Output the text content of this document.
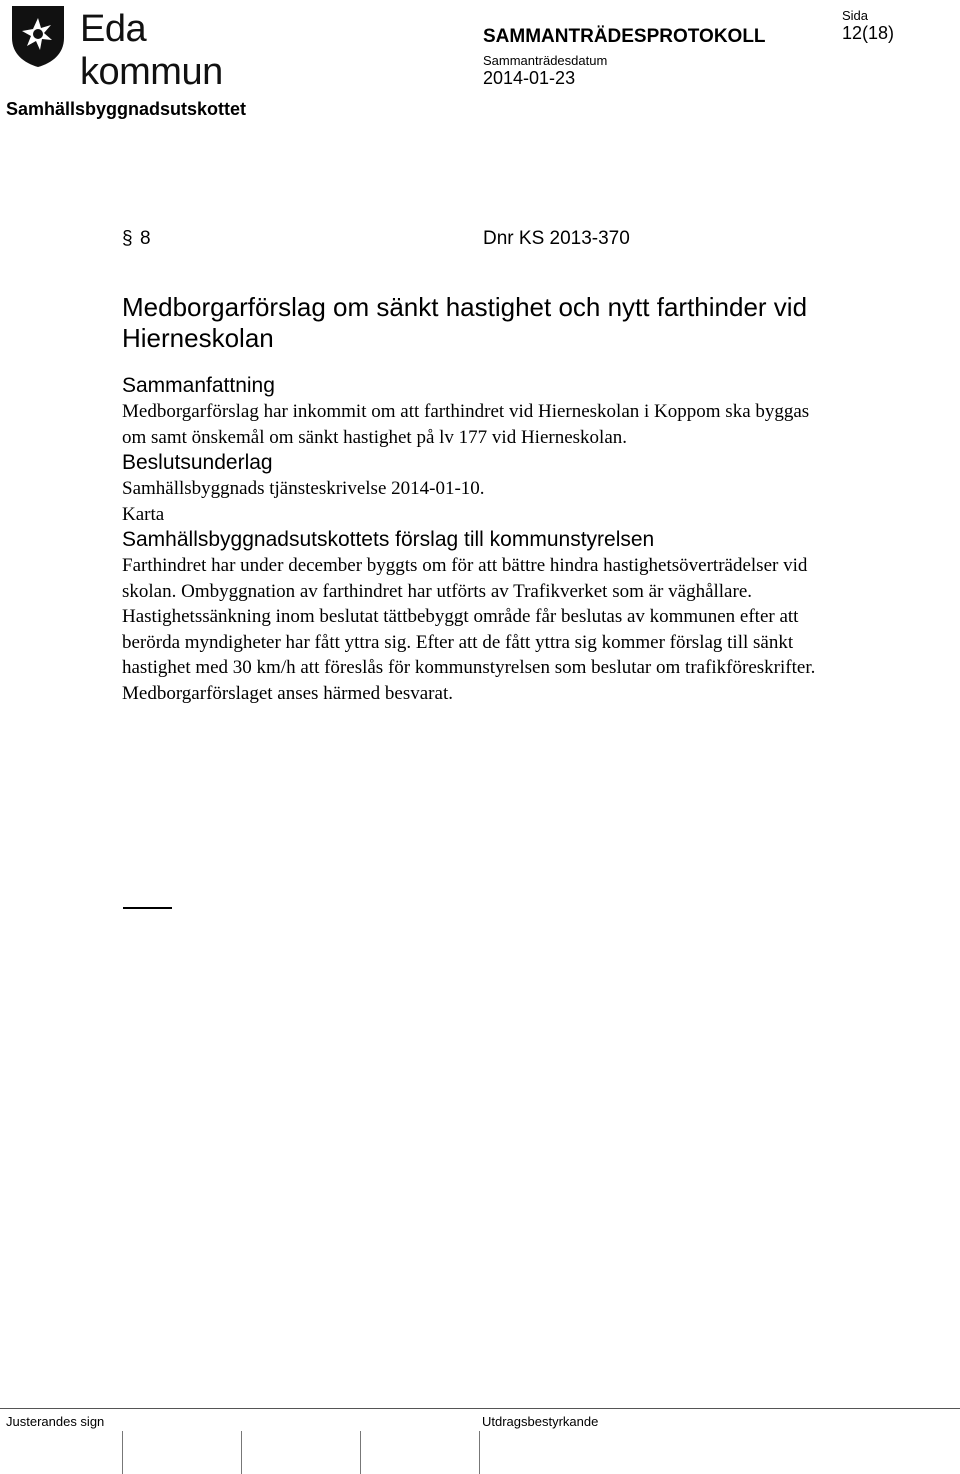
Eda kommun
SAMMANTRÄDESPROTOKOLL
Sammanträdesdatum
2014-01-23
Sida
12(18)
Samhällsbyggnadsutskottet
§ 8	Dnr KS 2013-370
Medborgarförslag om sänkt hastighet och nytt farthinder vid Hierneskolan
Sammanfattning

Medborgarförslag har inkommit om att farthindret vid Hierneskolan i Koppom ska byggas om samt önskemål om sänkt hastighet på lv 177 vid Hierneskolan.

Beslutsunderlag

Samhällsbyggnads tjänsteskrivelse 2014-01-10.

Karta

Samhällsbyggnadsutskottets förslag till kommunstyrelsen

Farthindret har under december byggts om för att bättre hindra hastighetsöverträdelser vid skolan. Ombyggnation av farthindret har utförts av Trafikverket som är väghållare.

Hastighetssänkning inom beslutat tättbebyggt område får beslutas av kommunen efter att berörda myndigheter har fått yttra sig. Efter att de fått yttra sig kommer förslag till sänkt hastighet med 30 km/h att föreslås för kommunstyrelsen som beslutar om trafikföreskrifter.

Medborgarförslaget anses härmed besvarat.

Justerandes sign	Utdragsbestyrkande
